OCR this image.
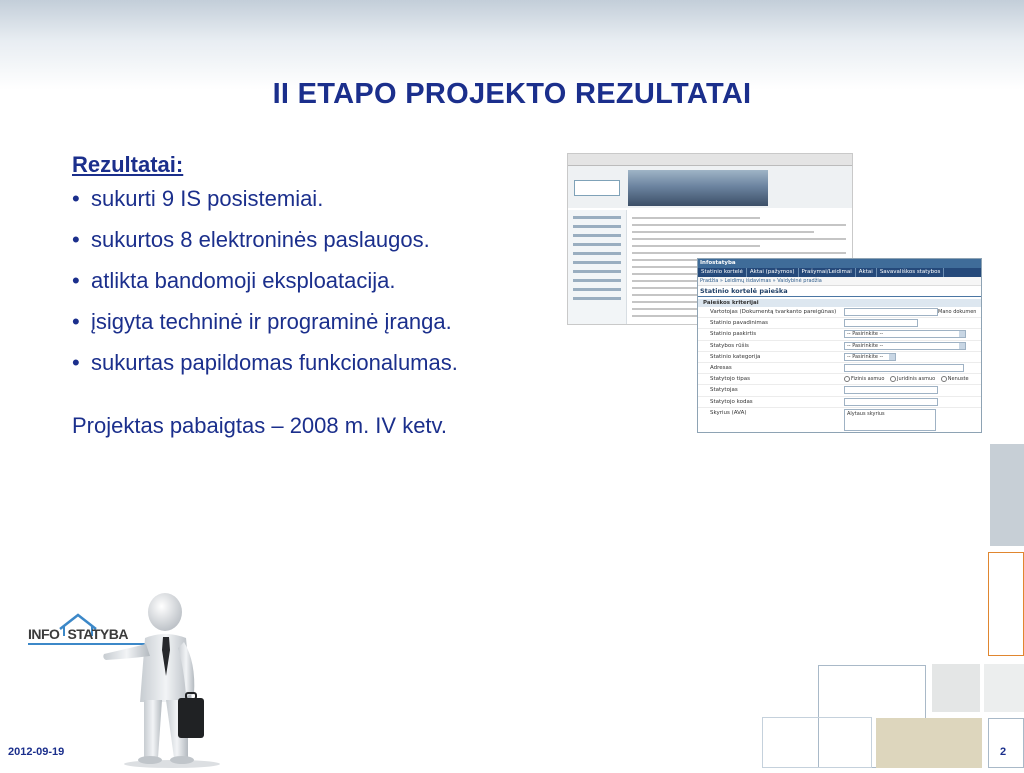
II ETAPO PROJEKTO REZULTATAI
Rezultatai:
• sukurti 9 IS posistemiai.
• sukurtos 8 elektroninės paslaugos.
• atlikta bandomoji eksploatacija.
• įsigyta techninė ir programinė įranga.
• sukurtas papildomas funkcionalumas.
Projektas pabaigtas – 2008 m. IV ketv.
Infostatyba
Statinio kortelė Aktai (pažymos) Prašymai/Leidimai Aktai Savavališkos statybos
Pradžia » Leidimų išdavimas » Vaidybinė pradžia
Statinio kortelė paieška
Paieškos kriterijai
Vartotojas (Dokumentą tvarkanto pareigūnas)	Mano dokumen
Statinio pavadinimas
Statinio paskirtis	-- Pasirinkite --
Statybos rūšis	-- Pasirinkite --
Statinio kategorija	-- Pasirinkite --
Adresas
Statytojo tipas	Fizinis asmuo	Juridinis asmuo	Nenuste
Statytojas
Statytojo kodas
Skyrius (AVA)	Alytaus skyrius
INFO STATYBA
2012-09-19	2
